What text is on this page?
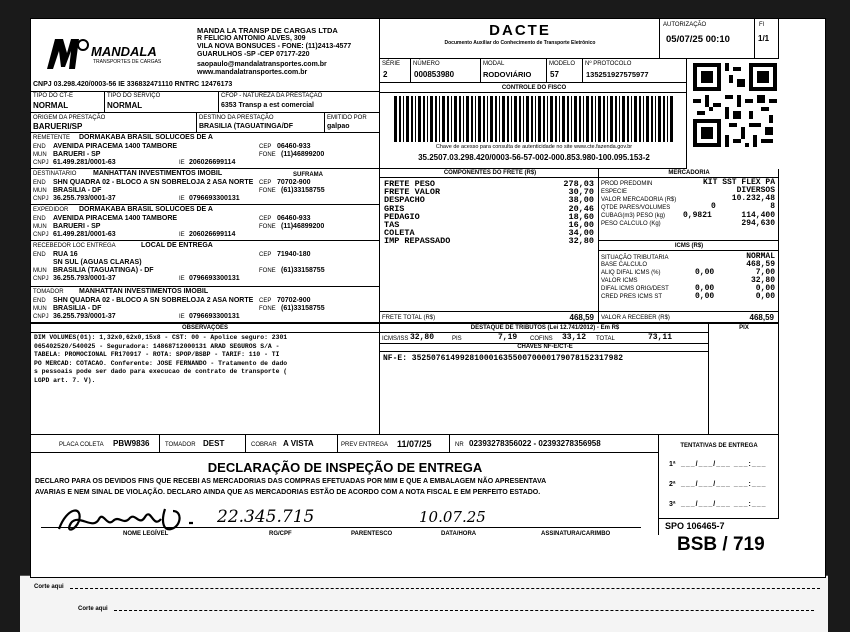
Corte aqui
Corte aqui
MANDALA
TRANSPORTES DE CARGAS
MANDA LA TRANSP DE CARGAS LTDA
R FELICIO ANTONIO ALVES, 309
VILA NOVA BONSUCES - FONE: (11)2413-4577
GUARULHOS -SP -CEP 07177-220
saopaulo@mandalatransportes.com.br
www.mandalatransportes.com.br
CNPJ 03.298.420/0003-56 IE 336832471110 RNTRC 12476173
DACTE
Documento Auxiliar do Conhecimento de Transporte Eletrônico
AUTORIZAÇÃO
05/07/25 00:10
Fl
1/1
SÉRIE
2
NÚMERO
000853980
MODAL
RODOVIÁRIO
MODELO
57
Nº PROTOCOLO
135251927575977
CONTROLE DO FISCO
Chave de acesso para consulta de autenticidade no site www.cte.fazenda.gov.br
35.2507.03.298.420/0003-56-57-002-000.853.980-100.095.153-2
TIPO DO CT-E
NORMAL
TIPO DO SERVIÇO
NORMAL
CFOP - NATUREZA DA PRESTAÇÃO
6353 Transp a est comercial
ORIGEM DA PRESTAÇÃO
BARUERI/SP
DESTINO DA PRESTAÇÃO
BRASILIA (TAGUATINGA/DF
EMITIDO POR
galpao
REMETENTE DORMAKABA BRASIL SOLUCOES DE A
END AVENIDA PIRACEMA 1400 TAMBORE	CEP 06460-933
MUN BARUERI - SP	FONE (11)46899200
CNPJ 61.499.281/0001-63	IE 206026699114
DESTINATARIO MANHATTAN INVESTIMENTOS IMOBIL	SUFRAMA
END SHN QUADRA 02 - BLOCO A SN SOBRELOJA 2 ASA NORTE CEP 70702-900
MUN BRASILIA - DF	FONE (61)33158755
CNPJ 36.255.793/0001-37	IE 0796693300131
EXPEDIDOR DORMAKABA BRASIL SOLUCOES DE A
END AVENIDA PIRACEMA 1400 TAMBORE	CEP 06460-933
MUN BARUERI - SP	FONE (11)46899200
CNPJ 61.499.281/0001-63	IE 206026699114
RECEBEDOR LOC ENTREGA	LOCAL DE ENTREGA
END RUA 16	CEP 71940-180
SN SUL (AGUAS CLARAS)
MUN BRASILIA (TAGUATINGA) - DF	FONE (61)33158755
CNPJ 36.255.793/0001-37	IE 0796693300131
TOMADOR MANHATTAN INVESTIMENTOS IMOBIL
END SHN QUADRA 02 - BLOCO A SN SOBRELOJA 2 ASA NORTE CEP 70702-900
MUN BRASILIA - DF	FONE (61)33158755
CNPJ 36.255.793/0001-37	IE 0796693300131
COMPONENTES DO FRETE (R$)
FRETE PESO	278,03
FRETE VALOR	30,70
DESPACHO	38,00
GRIS	20,46
PEDAGIO	18,60
TAS	16,00
COLETA	34,00
IMP REPASSADO	32,80
FRETE TOTAL (R$)	468,59
MERCADORIA
PROD PREDOMIN	KIT SST FLEX PA
ESPECIE	DIVERSOS
VALOR MERCADORIA (R$)	10.232,48
QTDE PARES/VOLUMES	0	8
CUBAG(m3) PESO (kg) 0,9821	114,400
PESO CALCULO (Kg)	294,630
ICMS (R$)
SITUAÇÃO TRIBUTARIA	NORMAL
BASE CALCULO	468,59
ALIQ DIFAL ICMS (%)	0,00	7,00
VALOR ICMS	32,80
DIFAL ICMS ORIG/DEST	0,00	0,00
CRED PRES ICMS ST	0,00	0,00
VALOR A RECEBER (R$)	468,59
OBSERVAÇÕES
DIM VOLUMES(01): 1,32x0,62x0,15x8 - CST: 00 - Apolice seguro: 2301
065402520/540025 - Seguradora: 14868712000131 ARAD SEGUROS S/A -
TABELA: PROMOCIONAL FR170917 - ROTA: SPOP/BSBP - TARIF: 110 - TI
PO MERCAD: COTACAO. Conferente: JOSE FERNANDO - Tratamento de dado
s pessoais pode ser dado para execucao de contrato de transporte (
LGPD art. 7. V).
DESTAQUE DE TRIBUTOS (Lei 12.741/2012) - Em R$
ICMS/ISS 32,80	PIS	7,19 COFINS 33,12 TOTAL	73,11
CHAVES NF-E/CT-E
NF-E: 35250761499281000163550070000179078152317982
PIX
PLACA COLETA PBW9836	TOMADOR DEST	COBRAR A VISTA	PREV ENTREGA 11/07/25	NR 02393278356022 - 02393278356958
DECLARAÇÃO DE INSPEÇÃO DE ENTREGA
DECLARO PARA OS DEVIDOS FINS QUE RECEBI AS MERCADORIAS DAS COMPRAS EFETUADAS POR MIM E QUE A EMBALAGEM NÃO APRESENTAVA
AVARIAS E NEM SINAL DE VIOLAÇÃO. DECLARO AINDA QUE AS MERCADORIAS ESTÃO DE ACORDO COM A NOTA FISCAL E EM PERFEITO ESTADO.
22.345.715	10.07.25
NOME LEGÍVEL	RG/CPF	PARENTESCO	DATA/HORA	ASSINATURA/CARIMBO
TENTATIVAS DE ENTREGA
1ª ___/___/___ ___:___
2ª ___/___/___ ___:___
3ª ___/___/___ ___:___
SPO 106465-7
BSB / 719
